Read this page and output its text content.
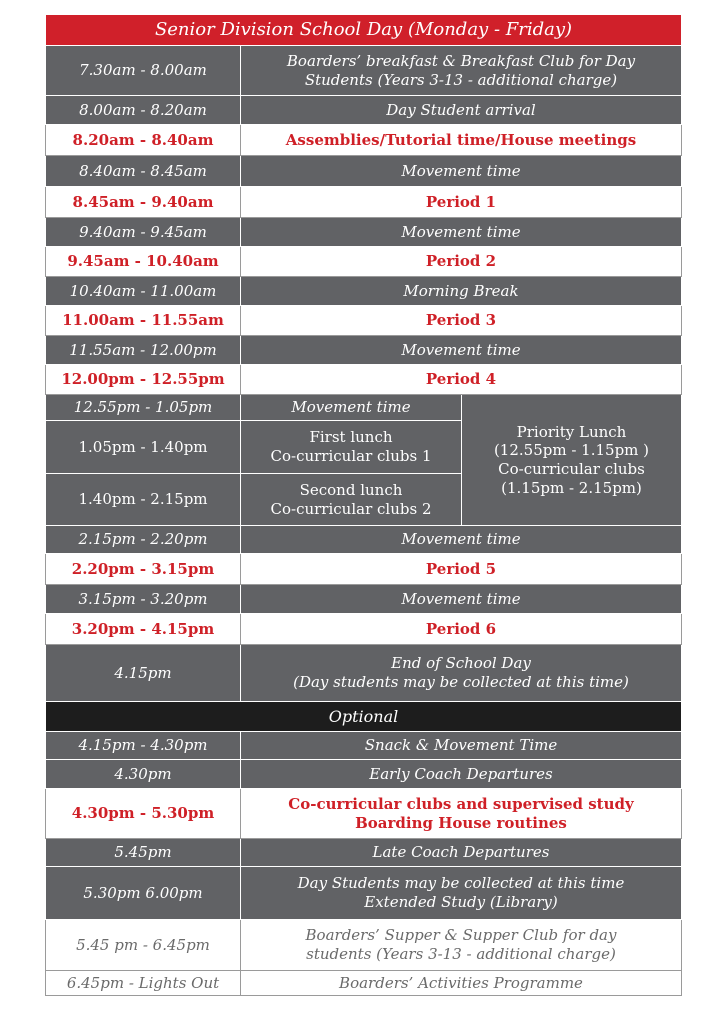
Senior Division School Day (Monday - Friday)		
7.30am - 8.00am	Boarders’ breakfast & Breakfast Club for Day
Students (Years 3-13 - additional charge)	

8.00am - 8.20am	Day Student arrival	
8.20am - 8.40am	Assemblies/Tutorial time/House meetings	
8.40am - 8.45am	Movement time	
8.45am - 9.40am	Period 1	
9.40am - 9.45am	Movement time	
9.45am - 10.40am	Period 2	
10.40am - 11.00am	Morning Break	
11.00am - 11.55am	Period 3	
11.55am - 12.00pm	Movement time	
12.00pm - 12.55pm	Period 4	
12.55pm - 1.05pm	Movement time	Priority Lunch
(12.55pm - 1.15pm )
Co-curricular clubs
(1.15pm - 2.15pm)

1.05pm - 1.40pm	First lunch
Co-curricular clubs 1	

1.40pm - 2.15pm	Second lunch
Co-curricular clubs 2	

2.15pm - 2.20pm	Movement time	
2.20pm - 3.15pm	Period 5	
3.15pm - 3.20pm	Movement time	
3.20pm - 4.15pm	Period 6	
4.15pm	End of School Day
(Day students may be collected at this time)	

Optional		
4.15pm - 4.30pm	Snack & Movement Time	
4.30pm	Early Coach Departures	
4.30pm - 5.30pm	Co-curricular clubs and supervised study
Boarding House routines	

5.45pm	Late Coach Departures	
5.30pm 6.00pm	Day Students may be collected at this time
Extended Study (Library)	

5.45 pm - 6.45pm	Boarders’ Supper & Supper Club for day
students (Years 3-13 - additional charge)	

6.45pm - Lights Out	Boarders’ Activities Programme	
